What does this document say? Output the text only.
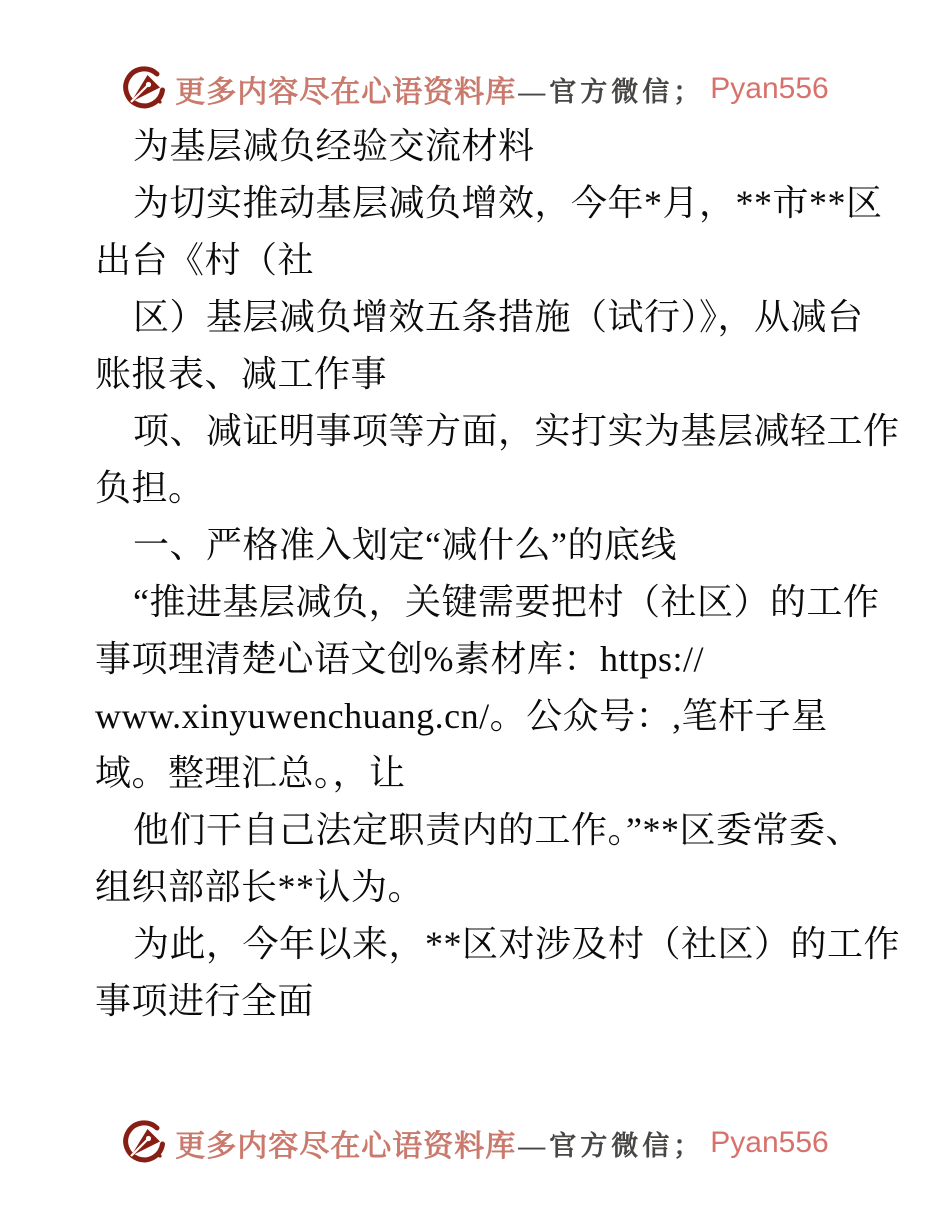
更多内容尽在心语资料库 —官方微信； Pyan556
为基层减负经验交流材料
为切实推动基层减负增效，今年*月，**市**区
出台《村（社
区）基层减负增效五条措施（试行）》，从减台
账报表、减工作事
项、减证明事项等方面，实打实为基层减轻工作
负担。
一、严格准入划定“减什么”的底线
“推进基层减负，关键需要把村（社区）的工作
事项理清楚心语文创%素材库：https://
www.xinyuwenchuang.cn/。公众号：,笔杆子星
域。整理汇总。，让
他们干自己法定职责内的工作。”**区委常委、
组织部部长**认为。
为此，今年以来，**区对涉及村（社区）的工作
事项进行全面
更多内容尽在心语资料库 —官方微信； Pyan556
